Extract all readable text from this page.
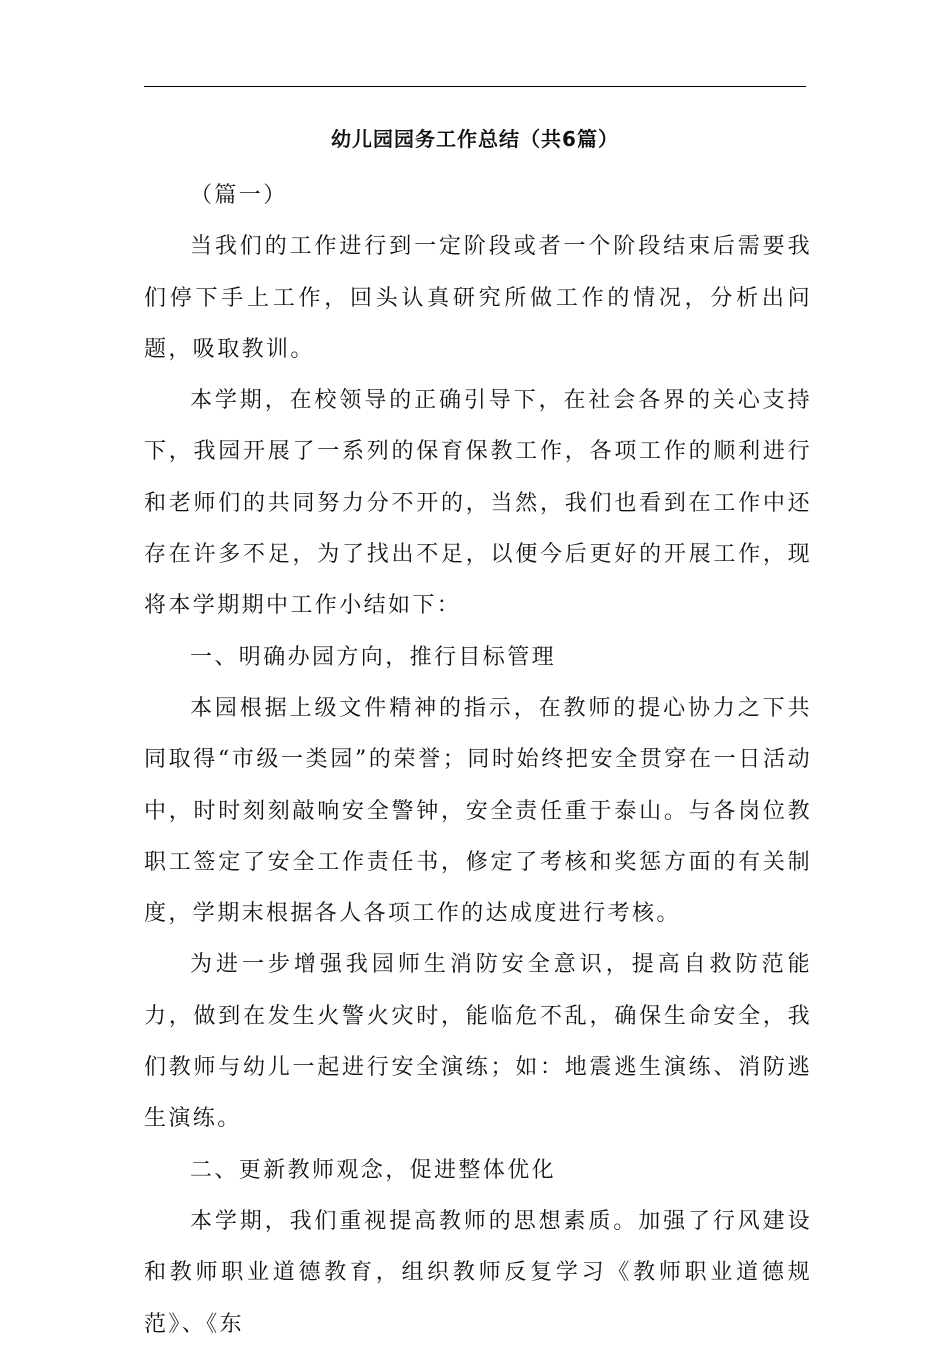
幼儿园园务工作总结（共6篇）

（篇一）

当我们的工作进行到一定阶段或者一个阶段结束后需要我们停下手上工作，回头认真研究所做工作的情况，分析出问题，吸取教训。

本学期，在校领导的正确引导下，在社会各界的关心支持下，我园开展了一系列的保育保教工作，各项工作的顺利进行和老师们的共同努力分不开的，当然，我们也看到在工作中还存在许多不足，为了找出不足，以便今后更好的开展工作，现将本学期期中工作小结如下：

一、明确办园方向，推行目标管理

本园根据上级文件精神的指示，在教师的提心协力之下共同取得“市级一类园”的荣誉；同时始终把安全贯穿在一日活动中，时时刻刻敲响安全警钟，安全责任重于泰山。与各岗位教职工签定了安全工作责任书，修定了考核和奖惩方面的有关制度，学期末根据各人各项工作的达成度进行考核。

为进一步增强我园师生消防安全意识，提高自救防范能力，做到在发生火警火灾时，能临危不乱，确保生命安全，我们教师与幼儿一起进行安全演练；如：地震逃生演练、消防逃生演练。

二、更新教师观念，促进整体优化

本学期，我们重视提高教师的思想素质。加强了行风建设和教师职业道德教育，组织教师反复学习《教师职业道德规范》、《东
